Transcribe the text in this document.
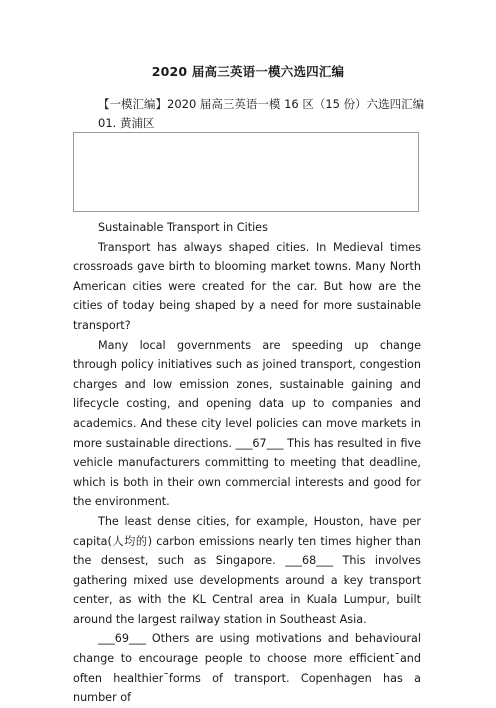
2020 届高三英语一模六选四汇编
【一模汇编】2020 届高三英语一模 16 区（15 份）六选四汇编
01. 黄浦区

Sustainable Transport in Cities

Transport has always shaped cities. In Medieval times crossroads gave birth to blooming market towns. Many North American cities were created for the car. But how are the cities of today being shaped by a need for more sustainable transport?

Many local governments are speeding up change through policy initiatives such as joined transport, congestion charges and low emission zones, sustainable gaining and lifecycle costing, and opening data up to companies and academics. And these city level policies can move markets in more sustainable directions. ___67___ This has resulted in five vehicle manufacturers committing to meeting that deadline, which is both in their own commercial interests and good for the environment.

The least dense cities, for example, Houston, have per capita(人均的) carbon emissions nearly ten times higher than the densest, such as Singapore. ___68___ This involves gathering mixed use developments around a key transport center, as with the KL Central area in Kuala Lumpur, built around the largest railway station in Southeast Asia.

___69___ Others are using motivations and behavioural change to encourage people to choose more efficient¯and often healthier¯forms of transport. Copenhagen has a number of
